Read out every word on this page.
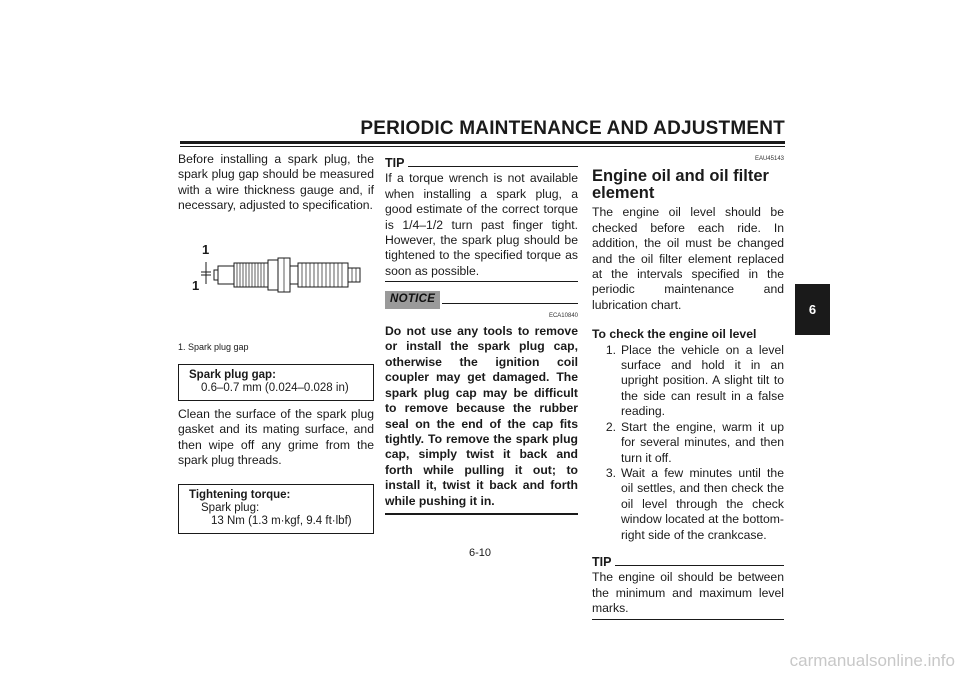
PERIODIC MAINTENANCE AND ADJUSTMENT

Before installing a spark plug, the spark plug gap should be measured with a wire thickness gauge and, if necessary, adjusted to specification.

1
1
1. Spark plug gap
Spark plug gap:
0.6–0.7 mm (0.024–0.028 in)

Clean the surface of the spark plug gasket and its mating surface, and then wipe off any grime from the spark plug threads.

Tightening torque:
Spark plug:
13 Nm (1.3 m·kgf, 9.4 ft·lbf)
TIP

If a torque wrench is not available when installing a spark plug, a good estimate of the correct torque is 1/4–1/2 turn past finger tight. However, the spark plug should be tightened to the specified torque as soon as possible.

NOTICE
ECA10840

Do not use any tools to remove or install the spark plug cap, otherwise the ignition coil coupler may get damaged. The spark plug cap may be difficult to remove because the rubber seal on the end of the cap fits tightly. To remove the spark plug cap, simply twist it back and forth while pulling it out; to install it, twist it back and forth while pushing it in.

EAU45143
Engine oil and oil filter element

The engine oil level should be checked before each ride. In addition, the oil must be changed and the oil filter element replaced at the intervals specified in the periodic maintenance and lubrication chart.

To check the engine oil level

1. Place the vehicle on a level surface and hold it in an upright position. A slight tilt to the side can result in a false reading.
2. Start the engine, warm it up for several minutes, and then turn it off.
3. Wait a few minutes until the oil settles, and then check the oil level through the check window located at the bottom-right side of the crankcase.
TIP

The engine oil should be between the minimum and maximum level marks.

6
6-10
carmanualsonline.info
